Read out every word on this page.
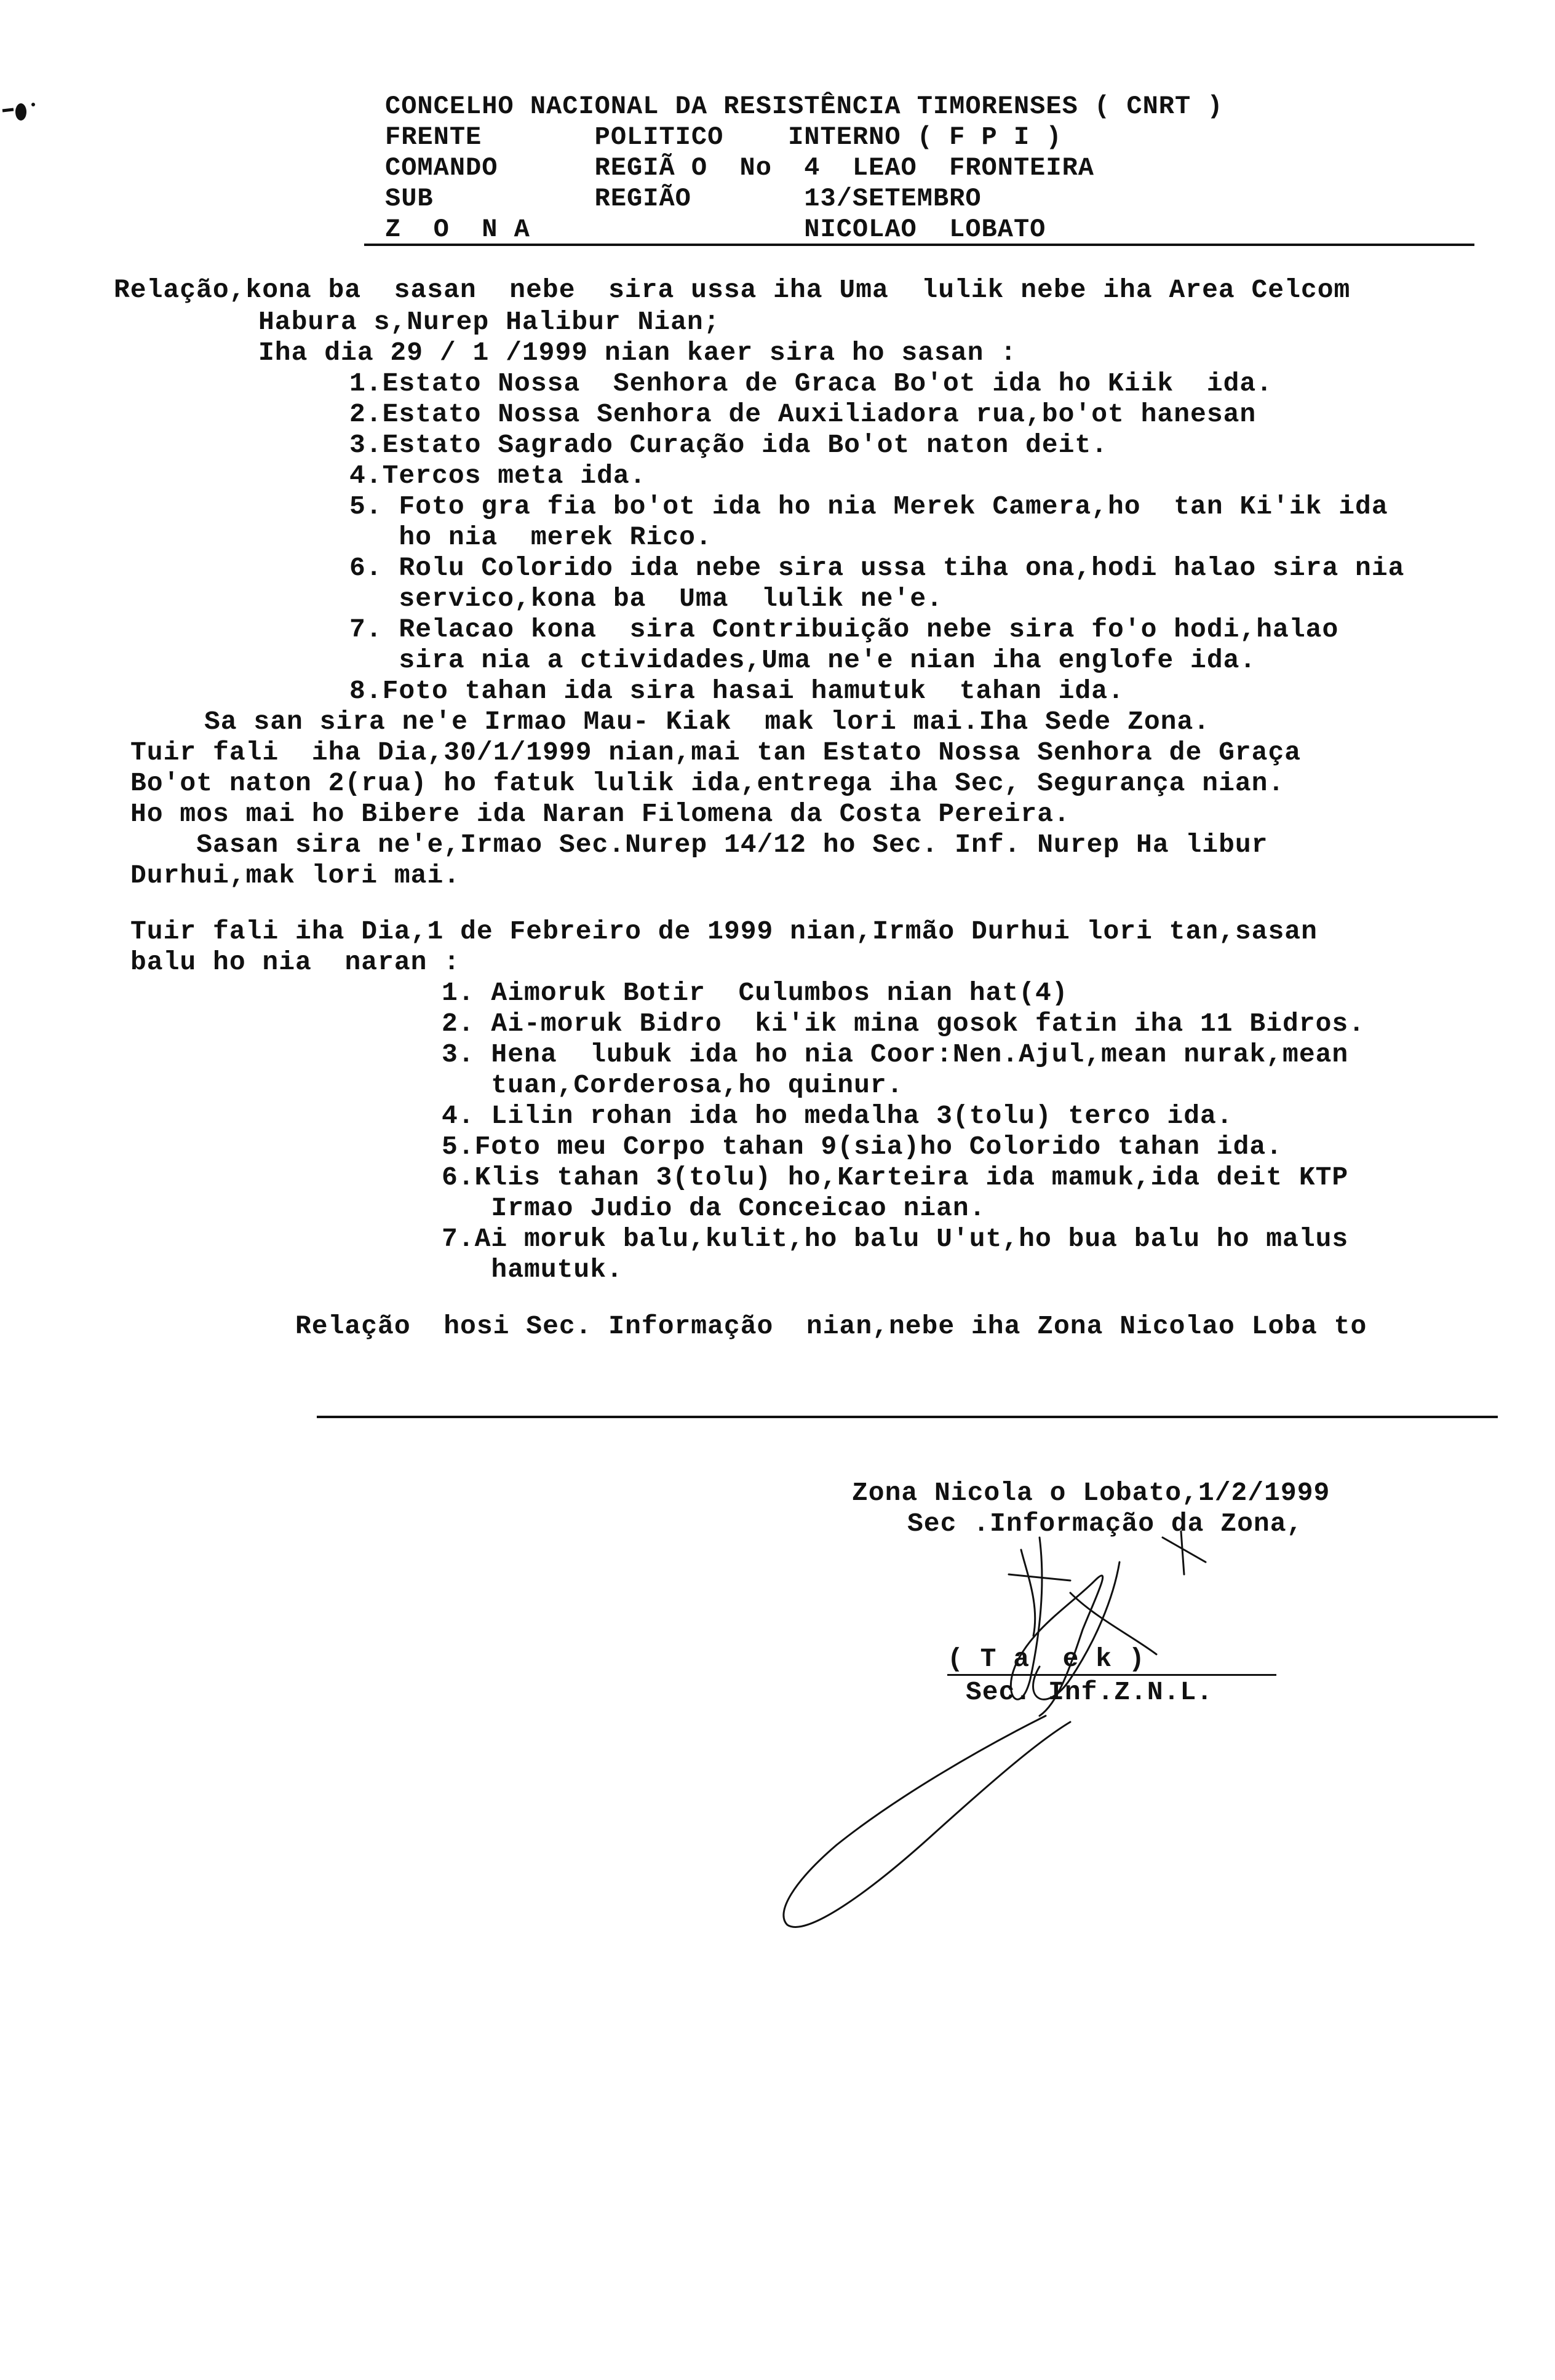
CONCELHO NACIONAL DA RESISTÊNCIA TIMORENSES ( CNRT )
FRENTE       POLITICO    INTERNO ( F P I )
COMANDO      REGIÃ O  No  4  LEAO  FRONTEIRA
SUB          REGIÃO       13/SETEMBRO
Z  O  N A                 NICOLAO  LOBATO
Relação,kona ba  sasan  nebe  sira ussa iha Uma  lulik nebe iha Area Celcom
Habura s,Nurep Halibur Nian;
Iha dia 29 / 1 /1999 nian kaer sira ho sasan :
1.Estato Nossa  Senhora de Graca Bo'ot ida ho Kiik  ida.
2.Estato Nossa Senhora de Auxiliadora rua,bo'ot hanesan
3.Estato Sagrado Curação ida Bo'ot naton deit.
4.Tercos meta ida.
5. Foto gra fia bo'ot ida ho nia Merek Camera,ho  tan Ki'ik ida
ho nia  merek Rico.
6. Rolu Colorido ida nebe sira ussa tiha ona,hodi halao sira nia
servico,kona ba  Uma  lulik ne'e.
7. Relacao kona  sira Contribuição nebe sira fo'o hodi,halao
sira nia a ctividades,Uma ne'e nian iha englofe ida.
8.Foto tahan ida sira hasai hamutuk  tahan ida.
Sa san sira ne'e Irmao Mau- Kiak  mak lori mai.Iha Sede Zona.
Tuir fali  iha Dia,30/1/1999 nian,mai tan Estato Nossa Senhora de Graça
Bo'ot naton 2(rua) ho fatuk lulik ida,entrega iha Sec, Segurança nian.
Ho mos mai ho Bibere ida Naran Filomena da Costa Pereira.
Sasan sira ne'e,Irmao Sec.Nurep 14/12 ho Sec. Inf. Nurep Ha libur
Durhui,mak lori mai.
Tuir fali iha Dia,1 de Febreiro de 1999 nian,Irmão Durhui lori tan,sasan
balu ho nia  naran :
1. Aimoruk Botir  Culumbos nian hat(4)
2. Ai-moruk Bidro  ki'ik mina gosok fatin iha 11 Bidros.
3. Hena  lubuk ida ho nia Coor:Nen.Ajul,mean nurak,mean
tuan,Corderosa,ho quinur.
4. Lilin rohan ida ho medalha 3(tolu) terco ida.
5.Foto meu Corpo tahan 9(sia)ho Colorido tahan ida.
6.Klis tahan 3(tolu) ho,Karteira ida mamuk,ida deit KTP
Irmao Judio da Conceicao nian.
7.Ai moruk balu,kulit,ho balu U'ut,ho bua balu ho malus
hamutuk.
Relação  hosi Sec. Informação  nian,nebe iha Zona Nicolao Loba to
Zona Nicola o Lobato,1/2/1999
Sec .Informação da Zona,
( T a  e k )
Sec. Inf.Z.N.L.
